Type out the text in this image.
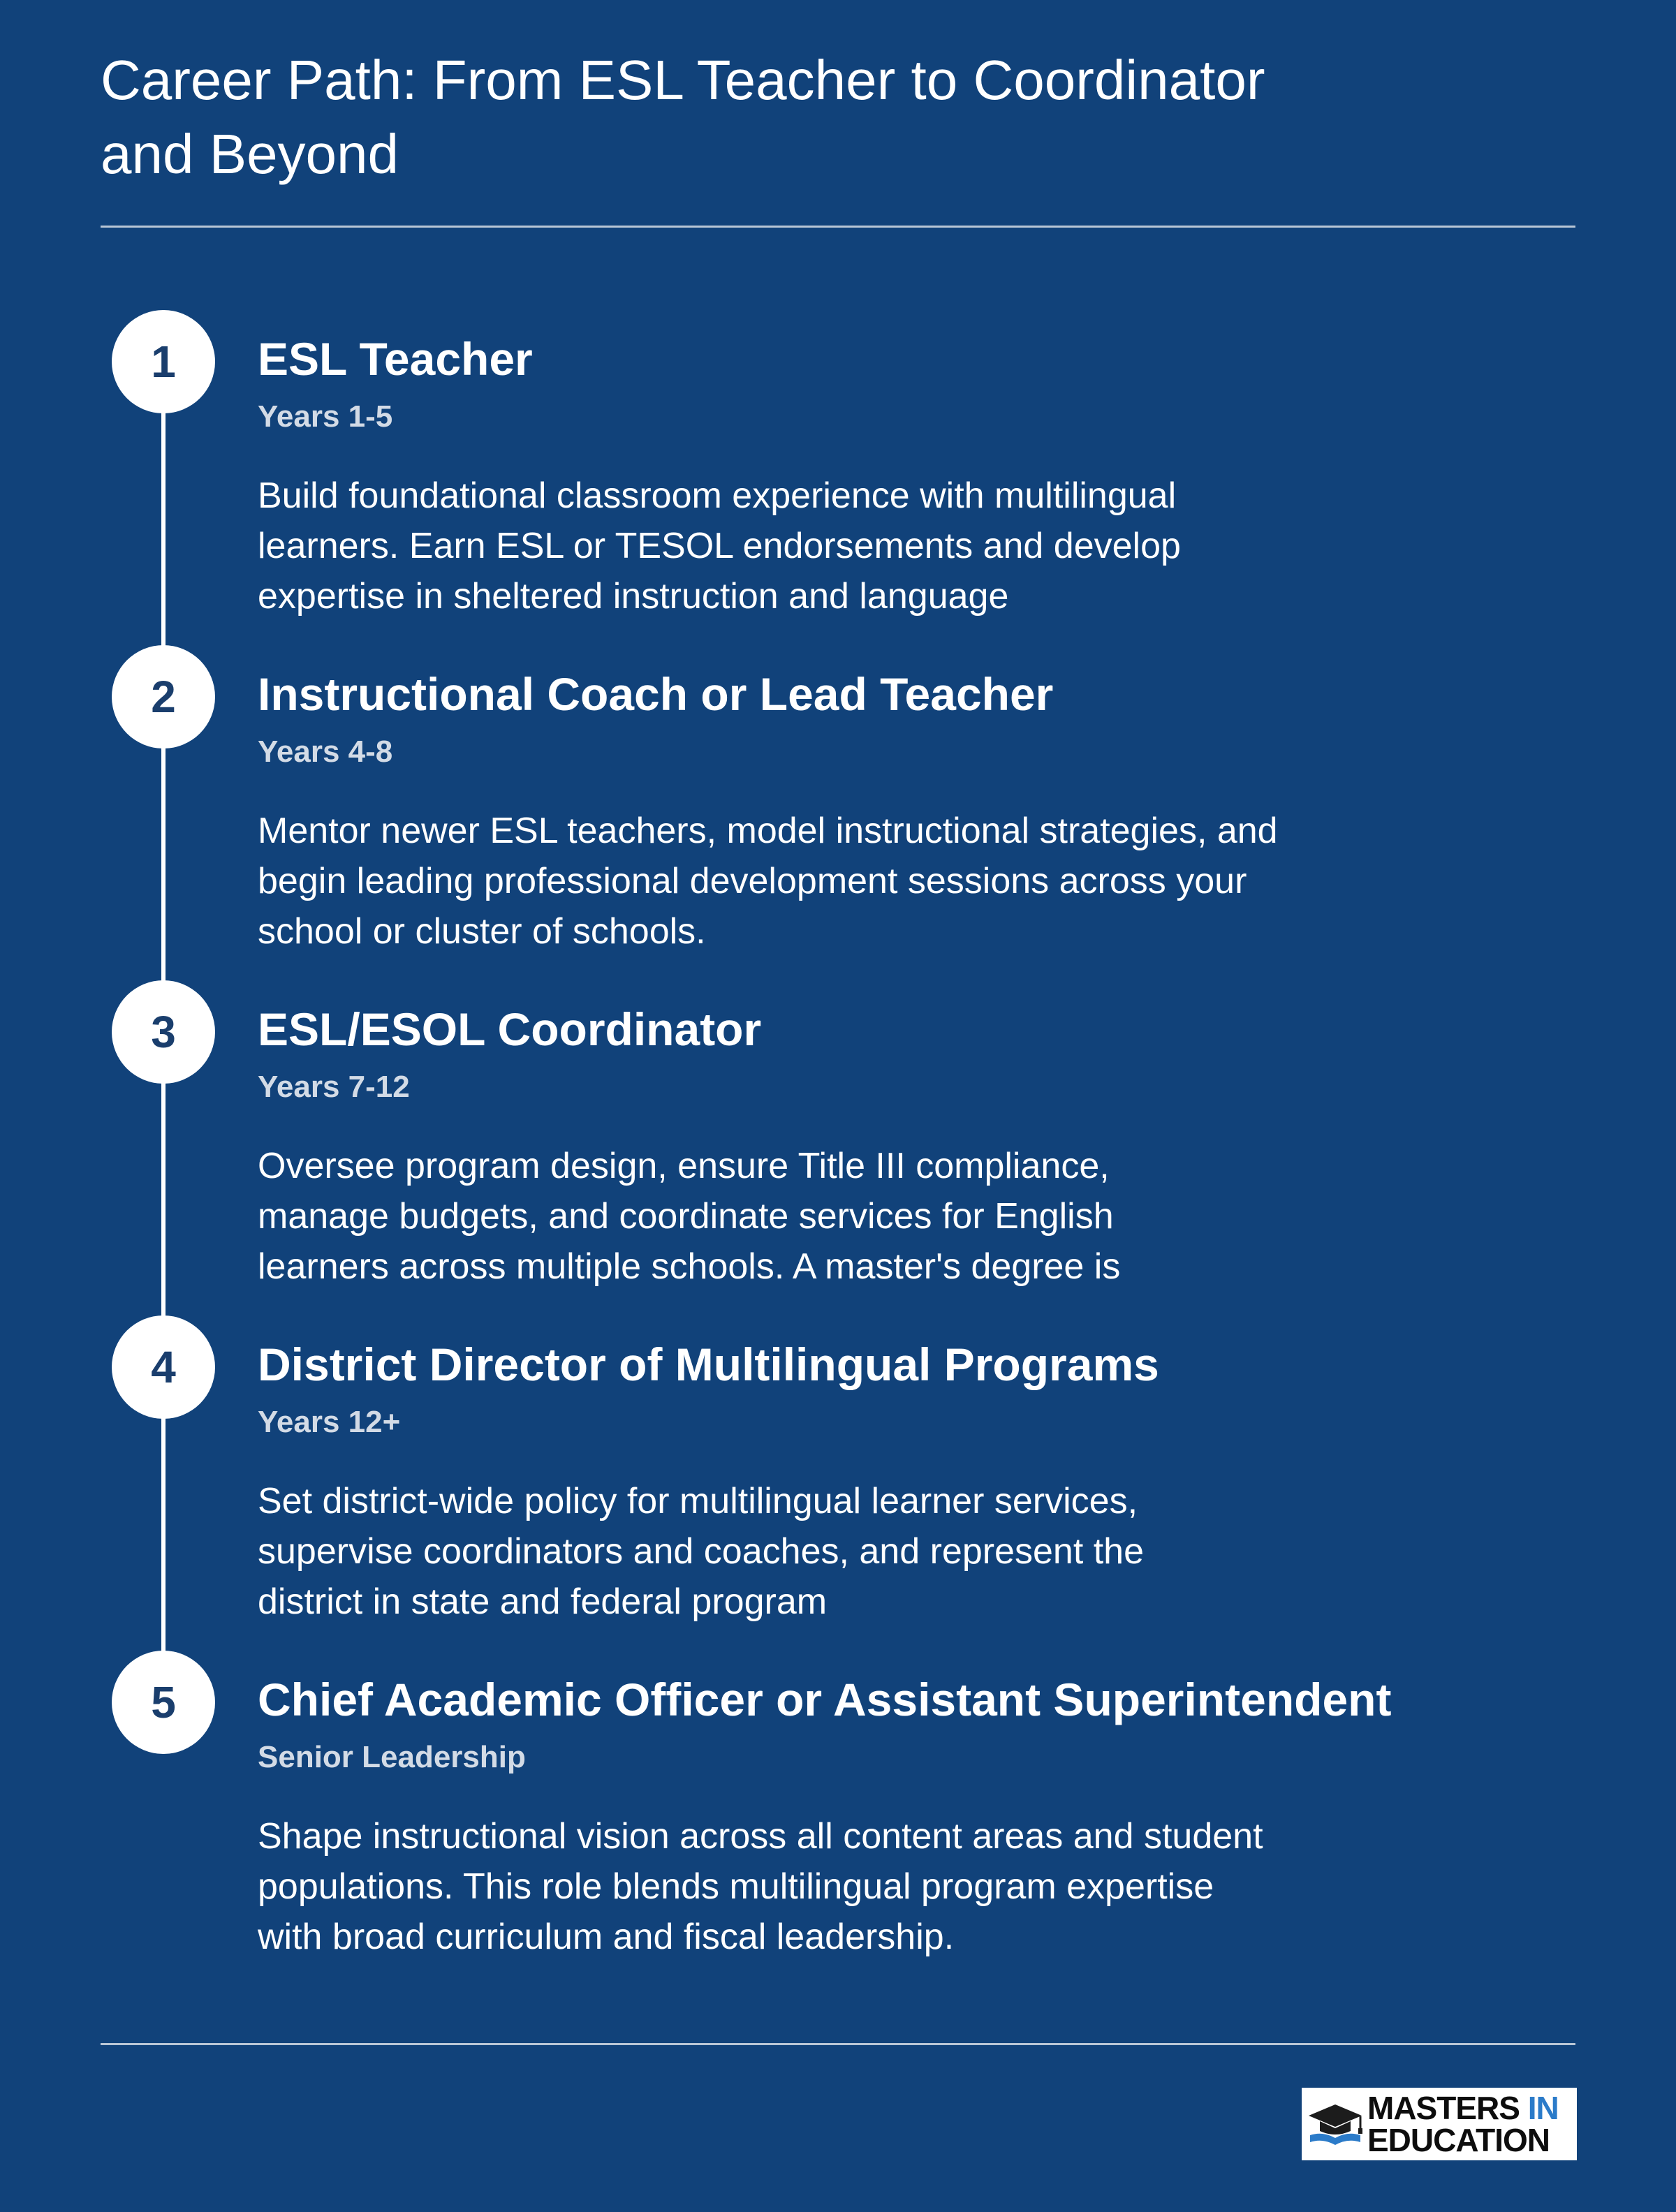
Career Path: From ESL Teacher to Coordinator and Beyond
1	ESL Teacher
Years 1-5

Build foundational classroom experience with multilingual learners. Earn ESL or TESOL endorsements and develop expertise in sheltered instruction and language

2	Instructional Coach or Lead Teacher
Years 4-8

Mentor newer ESL teachers, model instructional strategies, and begin leading professional development sessions across your school or cluster of schools.

3	ESL/ESOL Coordinator
Years 7-12

Oversee program design, ensure Title III compliance, manage budgets, and coordinate services for English learners across multiple schools. A master's degree is

4	District Director of Multilingual Programs
Years 12+

Set district-wide policy for multilingual learner services, supervise coordinators and coaches, and represent the district in state and federal program

5	Chief Academic Officer or Assistant Superintendent
Senior Leadership

Shape instructional vision across all content areas and student populations. This role blends multilingual program expertise with broad curriculum and fiscal leadership.

MASTERS IN
EDUCATION
